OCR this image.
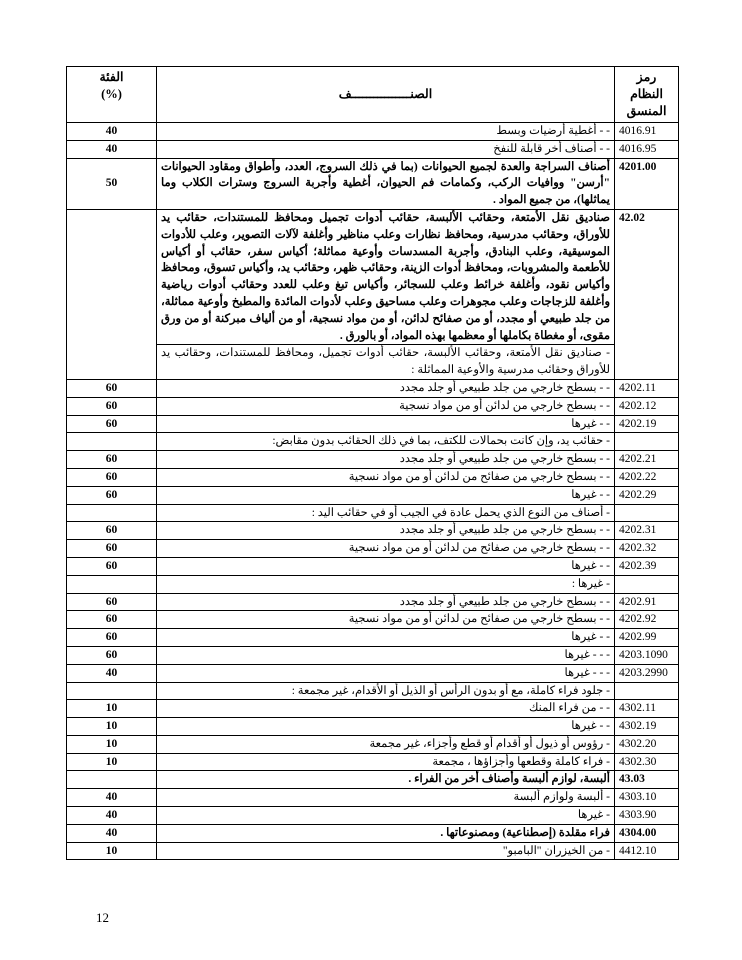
رمز النظام
المنسق	الصنــــــــــــــــف	الفئة
(%)

4016.91	- - أغطية أرضيات وبسط	40
4016.95	- - أصناف أخر قابلة للنفخ	40
4201.00	أصناف السراجة والعدة لجميع الحيوانات (بما في ذلك السروج، العدد، وأطواق ومقاود الحيوانات "أرسن" ووافيات الركب، وكمامات فم الحيوان، أغطية وأجربة السروج وسترات الكلاب وما يماثلها)، من جميع المواد .	50
42.02	صناديق نقل الأمتعة، وحقائب الألبسة، حقائب أدوات تجميل ومحافظ للمستندات، حقائب يد للأوراق، وحقائب مدرسية، ومحافظ نظارات وعلب مناظير وأغلفة لآلات التصوير، وعلب للأدوات الموسيقية، وعلب البنادق، وأجربة المسدسات وأوعية مماثلة؛ أكياس سفر، حقائب أو أكياس للأطعمة والمشروبات، ومحافظ أدوات الزينة، وحقائب ظهر، وحقائب يد، وأكياس تسوق، ومحافظ وأكياس نقود، وأغلفة خرائط وعلب للسجائر، وأكياس تبغ وعلب للعدد وحقائب أدوات رياضية وأغلفة للزجاجات وعلب مجوهرات وعلب مساحيق وعلب لأدوات المائدة والمطبخ وأوعية مماثلة، من جلد طبيعي أو مجدد، أو من صفائح لدائن، أو من مواد نسجية، أو من ألياف مبركنة أو من ورق مقوى، أو مغطاة بكاملها أو معظمها بهذه المواد، أو بالورق .
- صناديق نقل الأمتعة، وحقائب الألبسة، حقائب أدوات تجميل، ومحافظ للمستندات، وحقائب يد للأوراق وحقائب مدرسية والأوعية المماثلة :	

4202.11	- - بسطح خارجي من جلد طبيعي أو جلد مجدد	60
4202.12	- - بسطح خارجي من لدائن أو من مواد نسجية	60
4202.19	- - غيرها	60

	- حقائب يد، وإن كانت بحمالات للكتف، بما في ذلك الحقائب بدون مقابض:	

4202.21	- - بسطح خارجي من جلد طبيعي أو جلد مجدد	60
4202.22	- - بسطح خارجي من صفائح من لدائن أو من مواد نسجية	60
4202.29	- - غيرها	60

	- أصناف من النوع الذي يحمل عادة في الجيب أو في حقائب اليد :	

4202.31	- - بسطح خارجي من جلد طبيعي أو جلد مجدد	60
4202.32	- - بسطح خارجي من صفائح من لدائن أو من مواد نسجية	60
4202.39	- - غيرها	60

	- غيرها :	

4202.91	- - بسطح خارجي من جلد طبيعي أو جلد مجدد	60
4202.92	- - بسطح خارجي من صفائح من لدائن أو من مواد نسجية	60
4202.99	- - غيرها	60
4203.1090	- - - غيرها	60
4203.2990	- - - غيرها	40

	- جلود فراء كاملة، مع أو بدون الرأس أو الذيل أو الأقدام، غير مجمعة :	

4302.11	- - من فراء المنك	10
4302.19	- - غيرها	10
4302.20	- رؤوس أو ذيول أو أقدام أو قطع وأجزاء، غير مجمعة	10
4302.30	- فراء كاملة وقطعها وأجزاؤها ، مجمعة	10
43.03	ألبسة، لوازم ألبسة وأصناف أخر من الفراء .	

4303.10	- ألبسة ولوازم ألبسة	40
4303.90	- غيرها	40
4304.00	فراء مقلدة (إصطناعية) ومصنوعاتها .	40
4412.10	- من الخيزران "البامبو"	10
12
